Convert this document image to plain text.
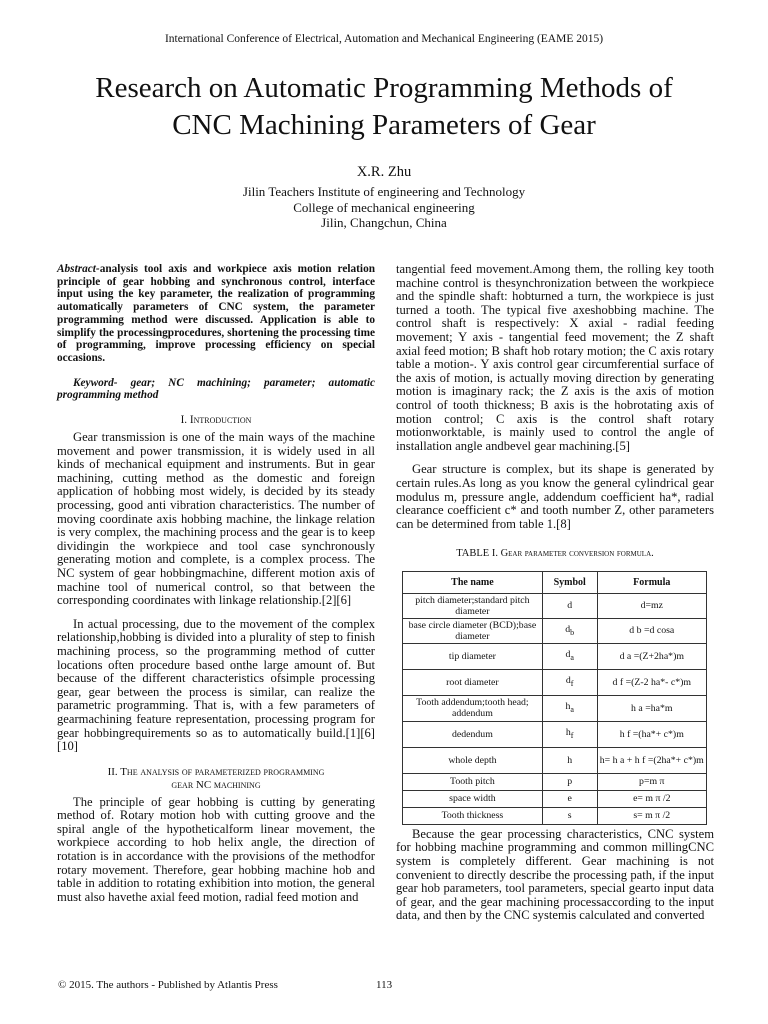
International Conference of Electrical, Automation and Mechanical Engineering (EAME 2015)
Research on Automatic Programming Methods of
CNC Machining Parameters of Gear
X.R. Zhu
Jilin Teachers Institute of engineering and Technology
College of mechanical engineering
Jilin, Changchun, China

Abstract-analysis tool axis and workpiece axis motion relation principle of gear hobbing and synchronous control, interface input using the key parameter, the realization of programming automatically parameters of CNC system, the parameter programming method were discussed. Application is able to simplify the processingprocedures, shortening the processing time of programming, improve processing efficiency on special occasions.

Keyword- gear; NC machining; parameter; automatic programming method

I. Introduction

Gear transmission is one of the main ways of the machine movement and power transmission, it is widely used in all kinds of mechanical equipment and instruments. But in gear machining, cutting method as the domestic and foreign application of hobbing most widely, is decided by its steady processing, good anti vibration characteristics. The number of moving coordinate axis hobbing machine, the linkage relation is very complex, the machining process and the gear is to keep dividingin the workpiece and tool case synchronously generating motion and complete, is a complex process. The NC system of gear hobbingmachine, different motion axis of machine tool of numerical control, so that between the corresponding coordinates with linkage relationship.[2][6]

In actual processing, due to the movement of the complex relationship,hobbing is divided into a plurality of step to finish machining process, so the programming method of cutter locations often procedure based onthe large amount of. But because of the different characteristics ofsimple processing gear, gear between the process is similar, can realize the parametric programming. That is, with a few parameters of gearmachining feature representation, processing program for gear hobbingrequirements so as to automatically build.[1][6][10]

II. The analysis of parameterized programming
gear NC machining

The principle of gear hobbing is cutting by generating method of. Rotary motion hob with cutting groove and the spiral angle of the hypotheticalform linear movement, the workpiece according to hob helix angle, the direction of rotation is in accordance with the provisions of the methodfor rotary movement. Therefore, gear hobbing machine hob and table in addition to rotating exhibition into motion, the general must also havethe axial feed motion, radial feed motion and

tangential feed movement.Among them, the rolling key tooth machine control is thesynchronization between the workpiece and the spindle shaft: hobturned a turn, the workpiece is just turned a tooth. The typical five axeshobbing machine. The control shaft is respectively: X axial - radial feeding movement; Y axis - tangential feed movement; the Z shaft axial feed motion; B shaft hob rotary motion; the C axis rotary table a motion-. Y axis control gear circumferential surface of the axis of motion, is actually moving direction by generating motion is imaginary rack; the Z axis is the axis of motion control of tooth thickness; B axis is the hobrotating axis of motion control; C axis is the control shaft rotary motionworktable, is mainly used to control the angle of installation angle andbevel gear machining.[5]

Gear structure is complex, but its shape is generated by certain rules.As long as you know the general cylindrical gear modulus m, pressure angle, addendum coefficient ha*, radial clearance coefficient c* and tooth number Z, other parameters can be determined from table 1.[8]

TABLE I. Gear parameter conversion formula.
The name	Symbol	Formula
pitch diameter;standard pitch diameter	d	d=mz
base circle diameter (BCD);base diameter	$d_b$	d b =d cosa
tip diameter	$d_a$	d a =(Z+2ha*)m
root diameter	$d_f$	d f =(Z-2 ha*- c*)m
Tooth addendum;tooth head; addendum	$h_a$	h a =ha*m
dedendum	$h_f$	h f =(ha*+ c*)m
whole depth	h	h= h a + h f =(2ha*+ c*)m
Tooth pitch	p	p=m π
space width	e	e= m π /2
Tooth thickness	s	s= m π /2

Because the gear processing characteristics, CNC system for hobbing machine programming and common millingCNC system is completely different. Gear machining is not convenient to directly describe the processing path, if the input gear hob parameters, tool parameters, special gearto input data of gear, and the gear machining processaccording to the input data, and then by the CNC systemis calculated and converted

© 2015. The authors - Published by Atlantis Press	113
